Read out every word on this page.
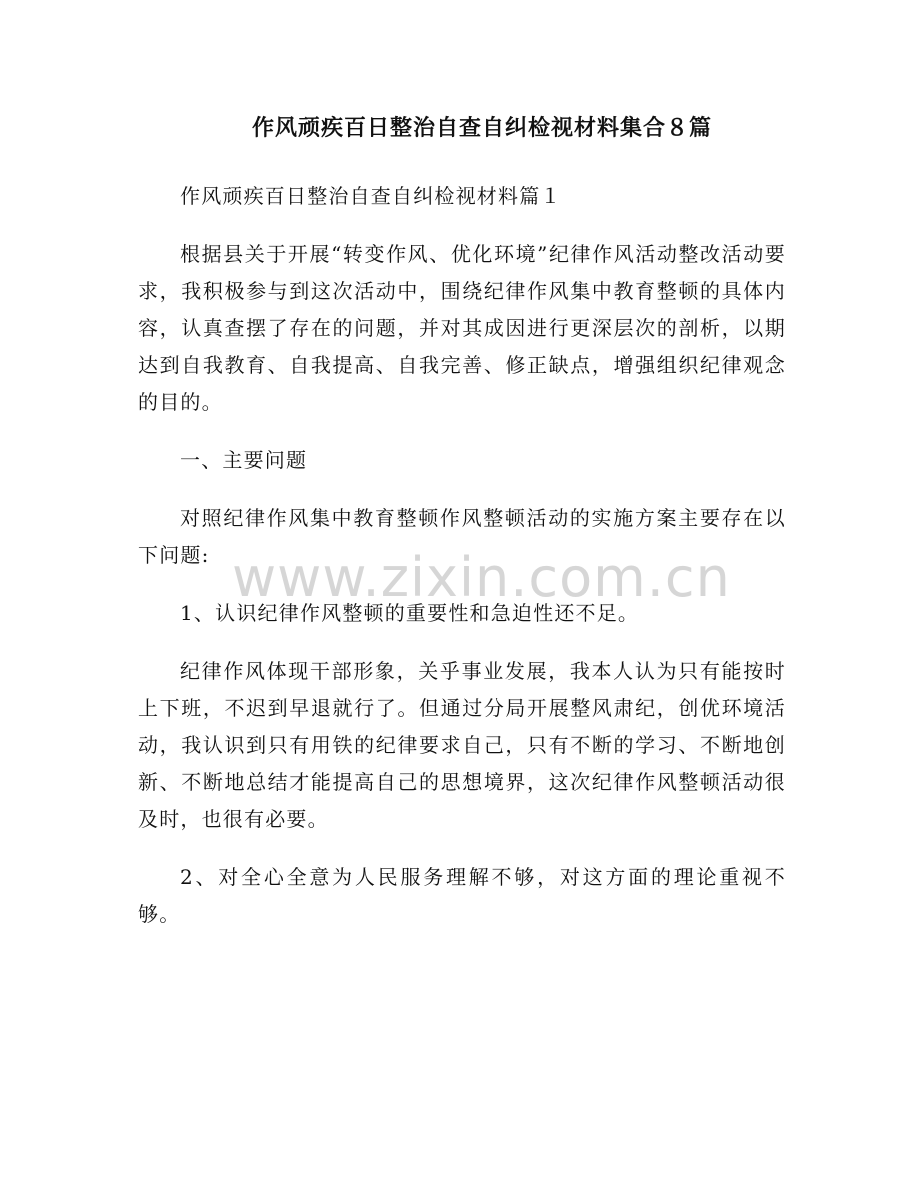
作风顽疾百日整治自查自纠检视材料集合８篇

作风顽疾百日整治自查自纠检视材料篇１

根据县关于开展“转变作风、优化环境”纪律作风活动整改活动要求，我积极参与到这次活动中，围绕纪律作风集中教育整顿的具体内容，认真查摆了存在的问题，并对其成因进行更深层次的剖析，以期达到自我教育、自我提高、自我完善、修正缺点，增强组织纪律观念的目的。

一、主要问题

对照纪律作风集中教育整顿作风整顿活动的实施方案主要存在以下问题:

1、认识纪律作风整顿的重要性和急迫性还不足。

纪律作风体现干部形象，关乎事业发展，我本人认为只有能按时上下班，不迟到早退就行了。但通过分局开展整风肃纪，创优环境活动，我认识到只有用铁的纪律要求自己，只有不断的学习、不断地创新、不断地总结才能提高自己的思想境界，这次纪律作风整顿活动很及时，也很有必要。

2、对全心全意为人民服务理解不够，对这方面的理论重视不够。

www.zixin.com.cn
